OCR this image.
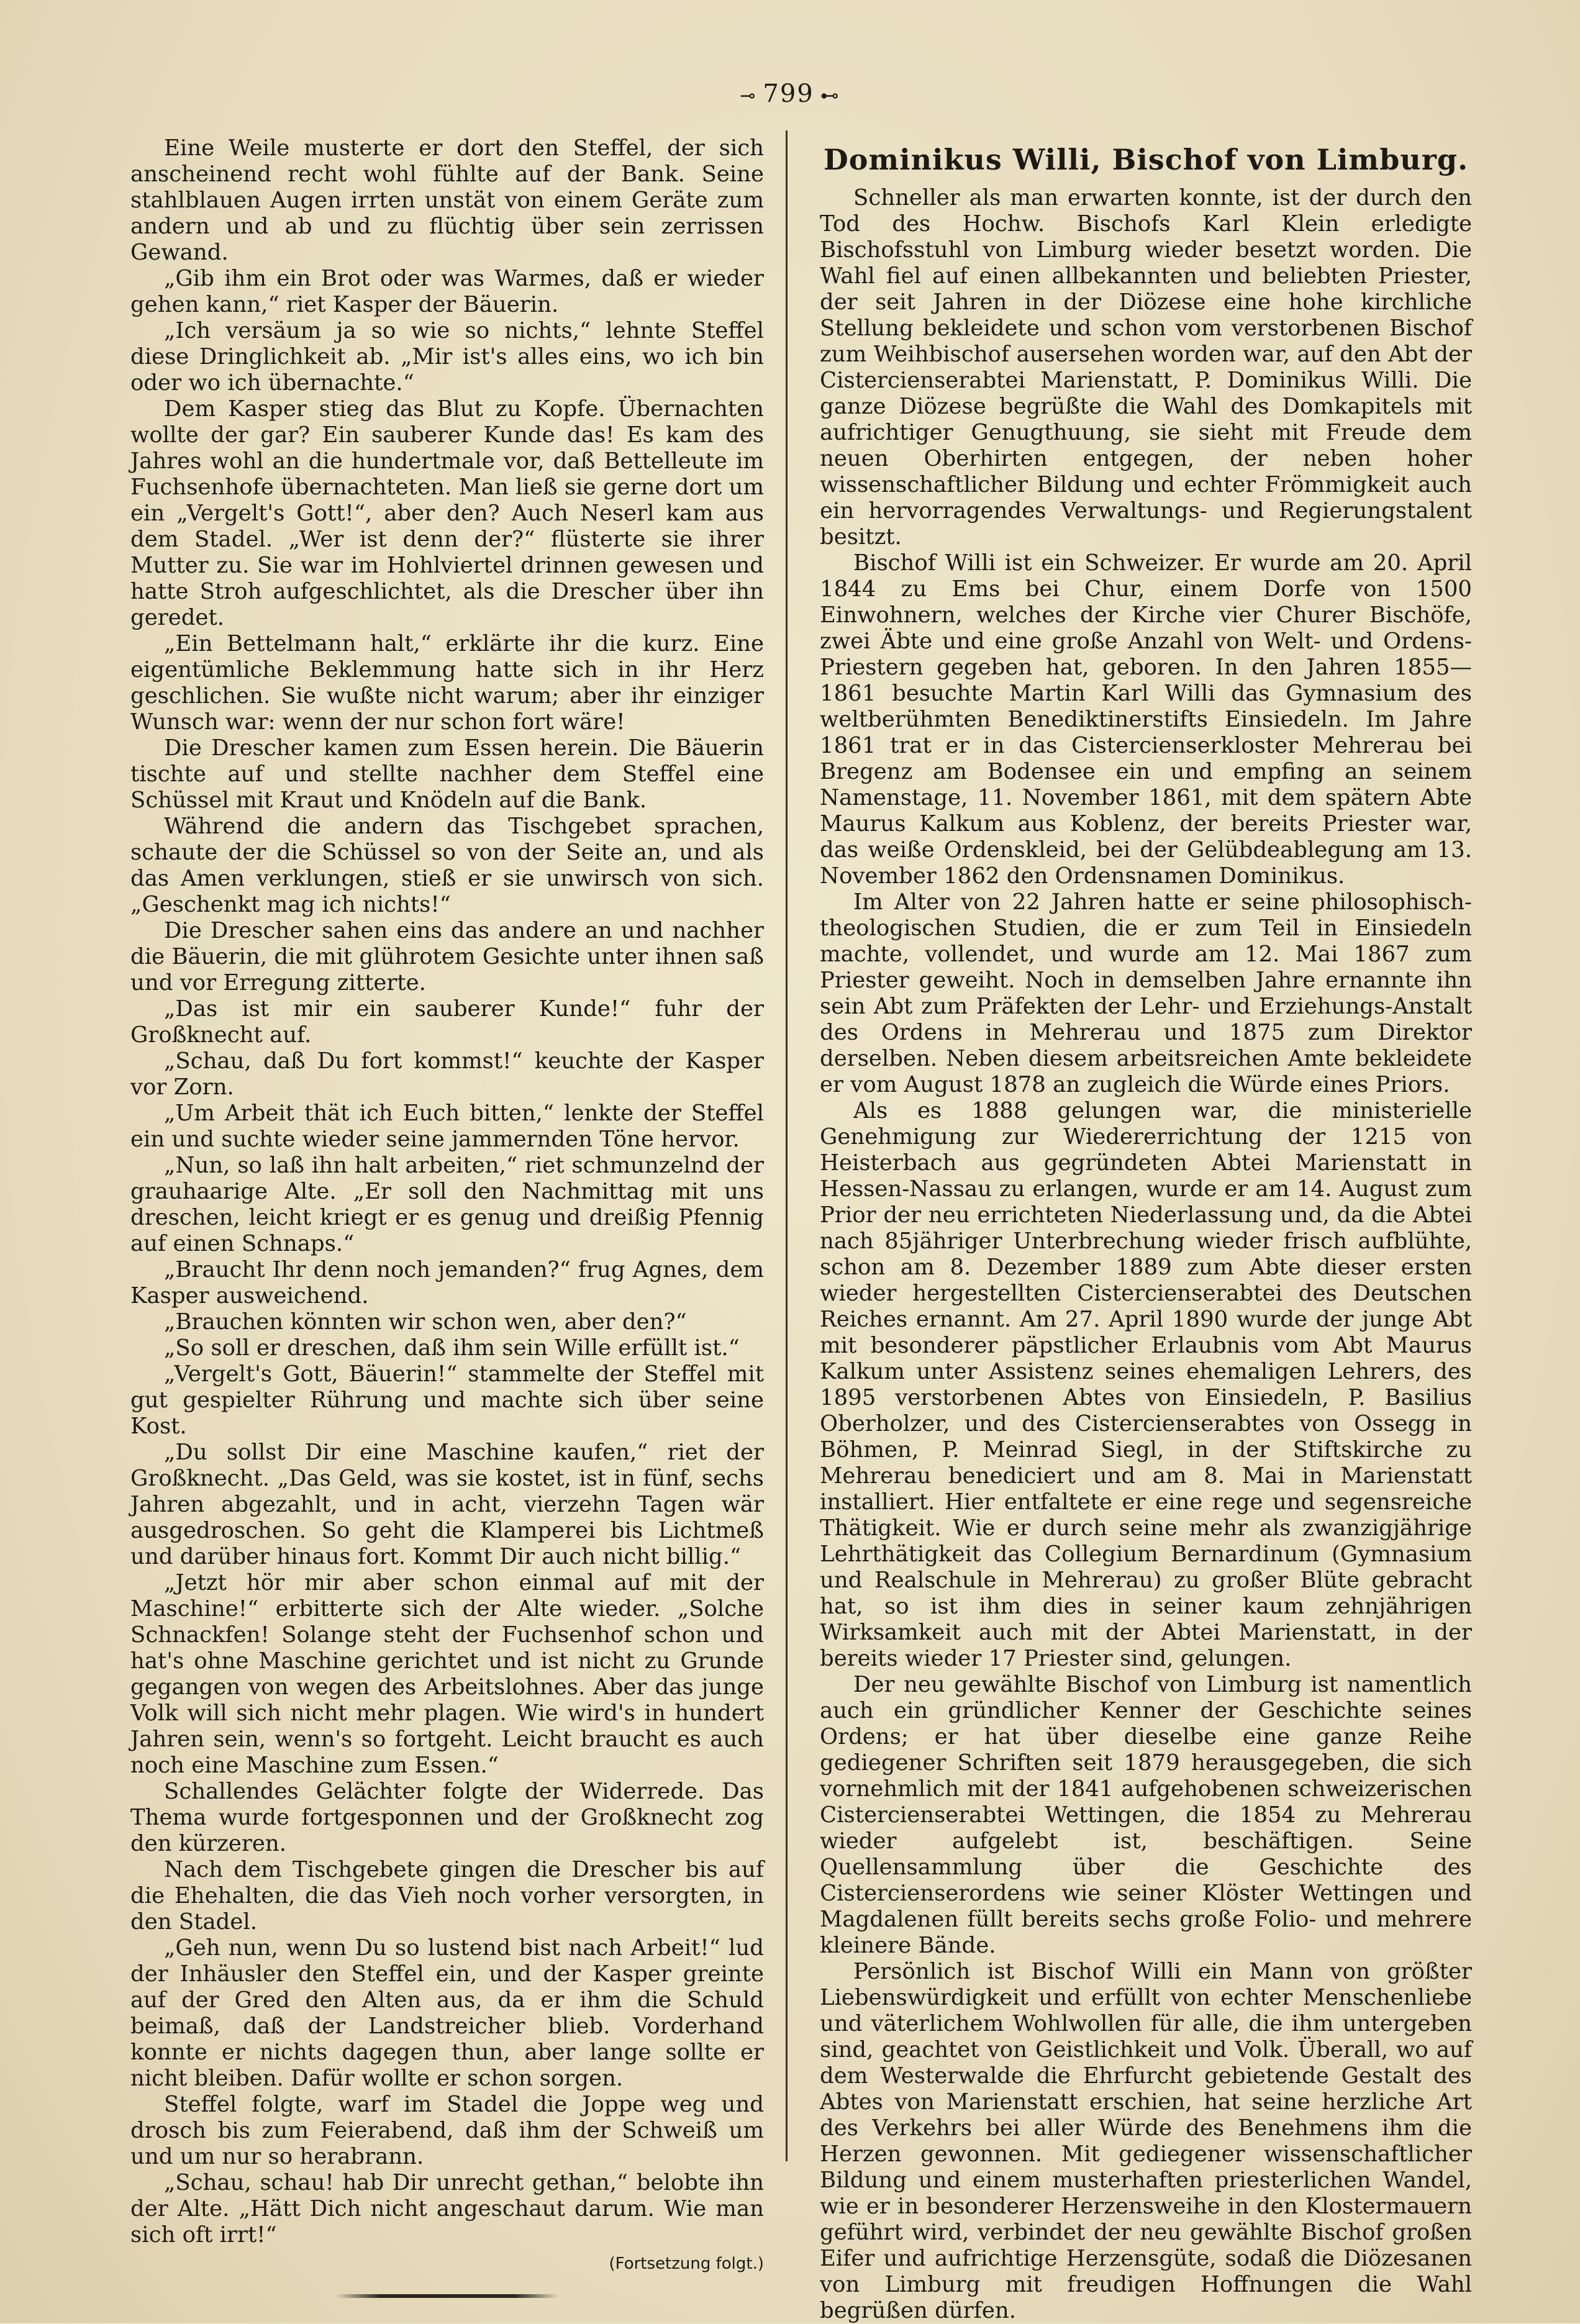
⊸ 799 ⊷

Eine Weile musterte er dort den Steffel, der sich anscheinend recht wohl fühlte auf der Bank. Seine stahlblauen Augen irrten unstät von einem Geräte zum andern und ab und zu flüchtig über sein zerrissen Gewand.

„Gib ihm ein Brot oder was Warmes, daß er wieder gehen kann,“ riet Kasper der Bäuerin.

„Ich versäum ja so wie so nichts,“ lehnte Steffel diese Dringlichkeit ab. „Mir ist's alles eins, wo ich bin oder wo ich übernachte.“

Dem Kasper stieg das Blut zu Kopfe. Übernachten wollte der gar? Ein sauberer Kunde das! Es kam des Jahres wohl an die hundertmale vor, daß Bettelleute im Fuchsenhofe übernachteten. Man ließ sie gerne dort um ein „Vergelt's Gott!“, aber den? Auch Neserl kam aus dem Stadel. „Wer ist denn der?“ flüsterte sie ihrer Mutter zu. Sie war im Hohlviertel drinnen gewesen und hatte Stroh aufgeschlichtet, als die Drescher über ihn geredet.

„Ein Bettelmann halt,“ erklärte ihr die kurz. Eine eigentümliche Beklemmung hatte sich in ihr Herz geschlichen. Sie wußte nicht warum; aber ihr einziger Wunsch war: wenn der nur schon fort wäre!

Die Drescher kamen zum Essen herein. Die Bäuerin tischte auf und stellte nachher dem Steffel eine Schüssel mit Kraut und Knödeln auf die Bank.

Während die andern das Tischgebet sprachen, schaute der die Schüssel so von der Seite an, und als das Amen verklungen, stieß er sie unwirsch von sich. „Geschenkt mag ich nichts!“

Die Drescher sahen eins das andere an und nachher die Bäuerin, die mit glührotem Gesichte unter ihnen saß und vor Erregung zitterte.

„Das ist mir ein sauberer Kunde!“ fuhr der Großknecht auf.

„Schau, daß Du fort kommst!“ keuchte der Kasper vor Zorn.

„Um Arbeit thät ich Euch bitten,“ lenkte der Steffel ein und suchte wieder seine jammernden Töne hervor.

„Nun, so laß ihn halt arbeiten,“ riet schmunzelnd der grauhaarige Alte. „Er soll den Nachmittag mit uns dreschen, leicht kriegt er es genug und dreißig Pfennig auf einen Schnaps.“

„Braucht Ihr denn noch jemanden?“ frug Agnes, dem Kasper ausweichend.

„Brauchen könnten wir schon wen, aber den?“

„So soll er dreschen, daß ihm sein Wille erfüllt ist.“

„Vergelt's Gott, Bäuerin!“ stammelte der Steffel mit gut gespielter Rührung und machte sich über seine Kost.

„Du sollst Dir eine Maschine kaufen,“ riet der Großknecht. „Das Geld, was sie kostet, ist in fünf, sechs Jahren abgezahlt, und in acht, vierzehn Tagen wär ausgedroschen. So geht die Klamperei bis Lichtmeß und darüber hinaus fort. Kommt Dir auch nicht billig.“

„Jetzt hör mir aber schon einmal auf mit der Maschine!“ erbitterte sich der Alte wieder. „Solche Schnackfen! Solange steht der Fuchsenhof schon und hat's ohne Maschine gerichtet und ist nicht zu Grunde gegangen von wegen des Arbeitslohnes. Aber das junge Volk will sich nicht mehr plagen. Wie wird's in hundert Jahren sein, wenn's so fortgeht. Leicht braucht es auch noch eine Maschine zum Essen.“

Schallendes Gelächter folgte der Widerrede. Das Thema wurde fortgesponnen und der Großknecht zog den kürzeren.

Nach dem Tischgebete gingen die Drescher bis auf die Ehehalten, die das Vieh noch vorher versorgten, in den Stadel.

„Geh nun, wenn Du so lustend bist nach Arbeit!“ lud der Inhäusler den Steffel ein, und der Kasper greinte auf der Gred den Alten aus, da er ihm die Schuld beimaß, daß der Landstreicher blieb. Vorderhand konnte er nichts dagegen thun, aber lange sollte er nicht bleiben. Dafür wollte er schon sorgen.

Steffel folgte, warf im Stadel die Joppe weg und drosch bis zum Feierabend, daß ihm der Schweiß um und um nur so herabrann.

„Schau, schau! hab Dir unrecht gethan,“ belobte ihn der Alte. „Hätt Dich nicht angeschaut darum. Wie man sich oft irrt!“

(Fortsetzung folgt.)
Dominikus Willi, Bischof von Limburg.

Schneller als man erwarten konnte, ist der durch den Tod des Hochw. Bischofs Karl Klein erledigte Bischofsstuhl von Limburg wieder besetzt worden. Die Wahl fiel auf einen allbekannten und beliebten Priester, der seit Jahren in der Diözese eine hohe kirchliche Stellung bekleidete und schon vom verstorbenen Bischof zum Weihbischof ausersehen worden war, auf den Abt der Cistercienserabtei Marienstatt, P. Dominikus Willi. Die ganze Diözese begrüßte die Wahl des Domkapitels mit aufrichtiger Genugthuung, sie sieht mit Freude dem neuen Oberhirten entgegen, der neben hoher wissenschaftlicher Bildung und echter Frömmigkeit auch ein hervorragendes Verwaltungs- und Regierungstalent besitzt.

Bischof Willi ist ein Schweizer. Er wurde am 20. April 1844 zu Ems bei Chur, einem Dorfe von 1500 Einwohnern, welches der Kirche vier Churer Bischöfe, zwei Äbte und eine große Anzahl von Welt- und Ordens-Priestern gegeben hat, geboren. In den Jahren 1855—1861 besuchte Martin Karl Willi das Gymnasium des weltberühmten Benediktinerstifts Einsiedeln. Im Jahre 1861 trat er in das Cistercienserkloster Mehrerau bei Bregenz am Bodensee ein und empfing an seinem Namenstage, 11. November 1861, mit dem spätern Abte Maurus Kalkum aus Koblenz, der bereits Priester war, das weiße Ordenskleid, bei der Gelübdeablegung am 13. November 1862 den Ordensnamen Dominikus.

Im Alter von 22 Jahren hatte er seine philosophisch-theologischen Studien, die er zum Teil in Einsiedeln machte, vollendet, und wurde am 12. Mai 1867 zum Priester geweiht. Noch in demselben Jahre ernannte ihn sein Abt zum Präfekten der Lehr- und Erziehungs-Anstalt des Ordens in Mehrerau und 1875 zum Direktor derselben. Neben diesem arbeitsreichen Amte bekleidete er vom August 1878 an zugleich die Würde eines Priors.

Als es 1888 gelungen war, die ministerielle Genehmigung zur Wiedererrichtung der 1215 von Heisterbach aus gegründeten Abtei Marienstatt in Hessen-Nassau zu erlangen, wurde er am 14. August zum Prior der neu errichteten Niederlassung und, da die Abtei nach 85jähriger Unterbrechung wieder frisch aufblühte, schon am 8. Dezember 1889 zum Abte dieser ersten wieder hergestellten Cistercienserabtei des Deutschen Reiches ernannt. Am 27. April 1890 wurde der junge Abt mit besonderer päpstlicher Erlaubnis vom Abt Maurus Kalkum unter Assistenz seines ehemaligen Lehrers, des 1895 verstorbenen Abtes von Einsiedeln, P. Basilius Oberholzer, und des Cistercienserabtes von Ossegg in Böhmen, P. Meinrad Siegl, in der Stiftskirche zu Mehrerau benediciert und am 8. Mai in Marienstatt installiert. Hier entfaltete er eine rege und segensreiche Thätigkeit. Wie er durch seine mehr als zwanzigjährige Lehrthätigkeit das Collegium Bernardinum (Gymnasium und Realschule in Mehrerau) zu großer Blüte gebracht hat, so ist ihm dies in seiner kaum zehnjährigen Wirksamkeit auch mit der Abtei Marienstatt, in der bereits wieder 17 Priester sind, gelungen.

Der neu gewählte Bischof von Limburg ist namentlich auch ein gründlicher Kenner der Geschichte seines Ordens; er hat über dieselbe eine ganze Reihe gediegener Schriften seit 1879 herausgegeben, die sich vornehmlich mit der 1841 aufgehobenen schweizerischen Cistercienserabtei Wettingen, die 1854 zu Mehrerau wieder aufgelebt ist, beschäftigen. Seine Quellensammlung über die Geschichte des Cistercienserordens wie seiner Klöster Wettingen und Magdalenen füllt bereits sechs große Folio- und mehrere kleinere Bände.

Persönlich ist Bischof Willi ein Mann von größter Liebenswürdigkeit und erfüllt von echter Menschenliebe und väterlichem Wohlwollen für alle, die ihm untergeben sind, geachtet von Geistlichkeit und Volk. Überall, wo auf dem Westerwalde die Ehrfurcht gebietende Gestalt des Abtes von Marienstatt erschien, hat seine herzliche Art des Verkehrs bei aller Würde des Benehmens ihm die Herzen gewonnen. Mit gediegener wissenschaftlicher Bildung und einem musterhaften priesterlichen Wandel, wie er in besonderer Herzensweihe in den Klostermauern geführt wird, verbindet der neu gewählte Bischof großen Eifer und aufrichtige Herzensgüte, sodaß die Diözesanen von Limburg mit freudigen Hoffnungen die Wahl begrüßen dürfen.
